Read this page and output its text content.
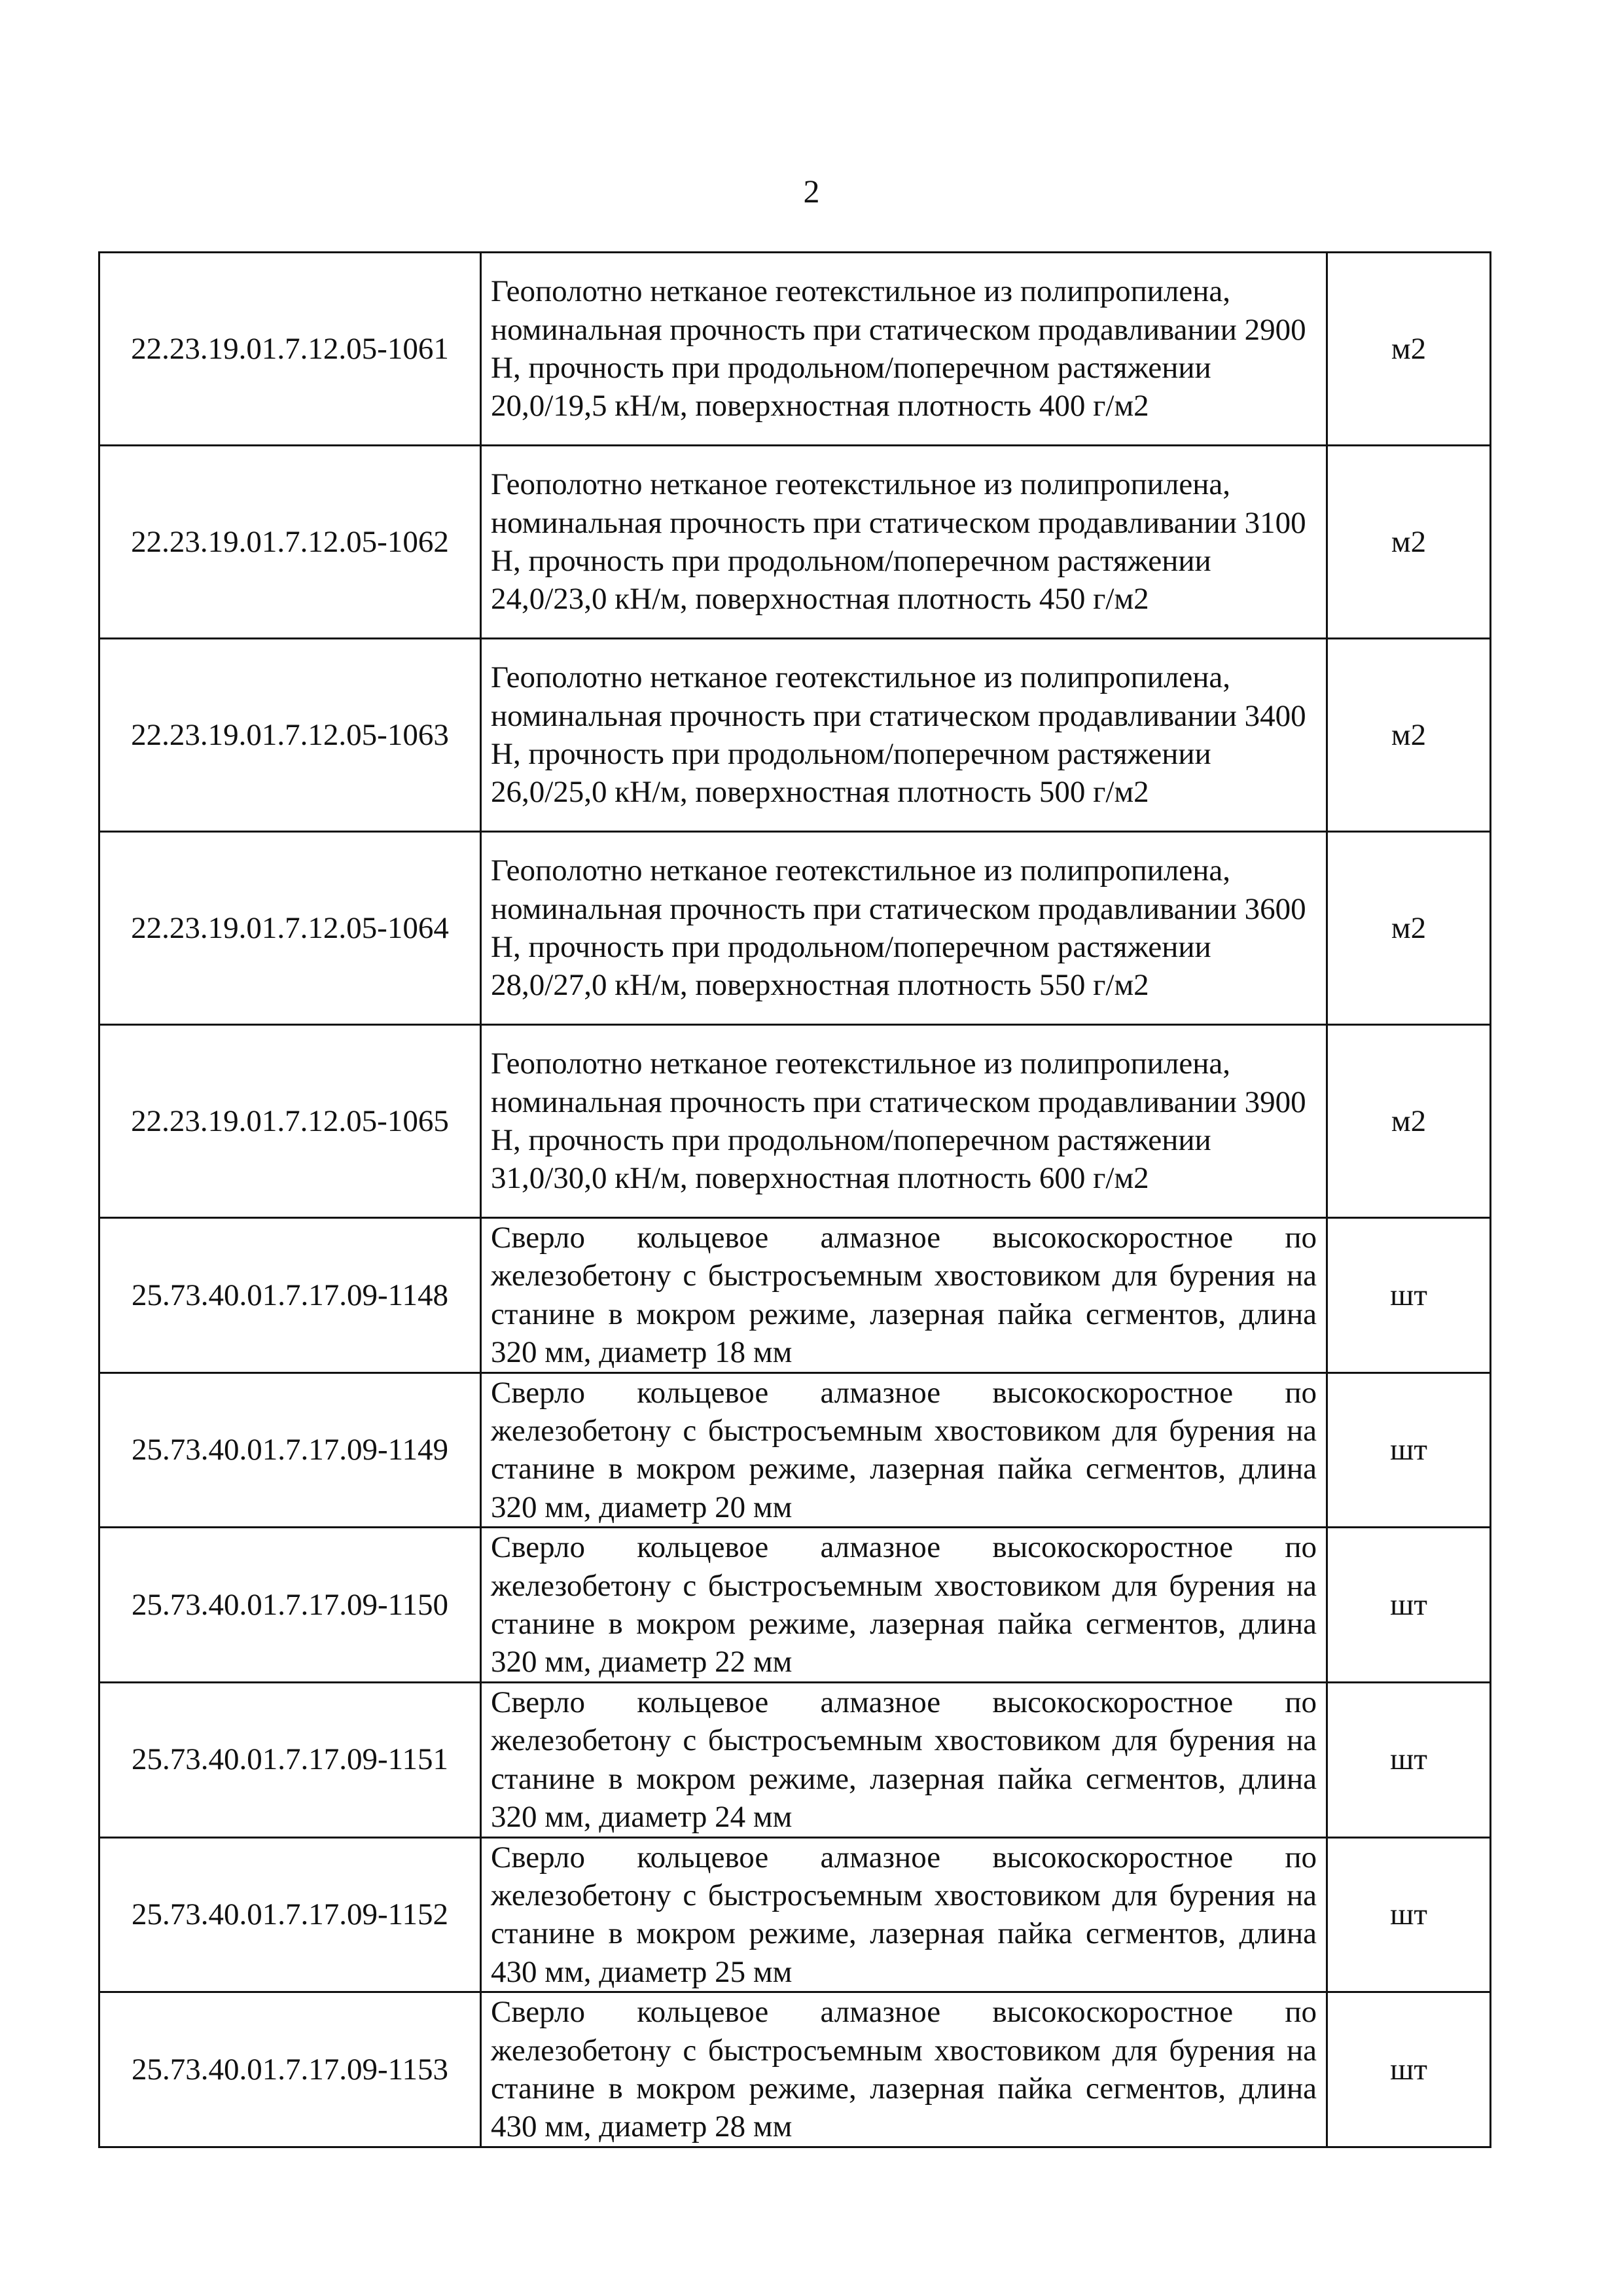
2
22.23.19.01.7.12.05-1061	Геополотно нетканое геотекстильное из полипропилена, номинальная прочность при статическом продавливании 2900 Н, прочность при продольном/поперечном растяжении 20,0/19,5 кН/м, поверхностная плотность 400 г/м2	м2
22.23.19.01.7.12.05-1062	Геополотно нетканое геотекстильное из полипропилена, номинальная прочность при статическом продавливании 3100 Н, прочность при продольном/поперечном растяжении 24,0/23,0 кН/м, поверхностная плотность 450 г/м2	м2
22.23.19.01.7.12.05-1063	Геополотно нетканое геотекстильное из полипропилена, номинальная прочность при статическом продавливании 3400 Н, прочность при продольном/поперечном растяжении 26,0/25,0 кН/м, поверхностная плотность 500 г/м2	м2
22.23.19.01.7.12.05-1064	Геополотно нетканое геотекстильное из полипропилена, номинальная прочность при статическом продавливании 3600 Н, прочность при продольном/поперечном растяжении 28,0/27,0 кН/м, поверхностная плотность 550 г/м2	м2
22.23.19.01.7.12.05-1065	Геополотно нетканое геотекстильное из полипропилена, номинальная прочность при статическом продавливании 3900 Н, прочность при продольном/поперечном растяжении 31,0/30,0 кН/м, поверхностная плотность 600 г/м2	м2
25.73.40.01.7.17.09-1148	Сверло кольцевое алмазное высокоскоростное по железобетону с быстросъемным хвостовиком для бурения на станине в мокром режиме, лазерная пайка сегментов, длина 320 мм, диаметр 18 мм	шт
25.73.40.01.7.17.09-1149	Сверло кольцевое алмазное высокоскоростное по железобетону с быстросъемным хвостовиком для бурения на станине в мокром режиме, лазерная пайка сегментов, длина 320 мм, диаметр 20 мм	шт
25.73.40.01.7.17.09-1150	Сверло кольцевое алмазное высокоскоростное по железобетону с быстросъемным хвостовиком для бурения на станине в мокром режиме, лазерная пайка сегментов, длина 320 мм, диаметр 22 мм	шт
25.73.40.01.7.17.09-1151	Сверло кольцевое алмазное высокоскоростное по железобетону с быстросъемным хвостовиком для бурения на станине в мокром режиме, лазерная пайка сегментов, длина 320 мм, диаметр 24 мм	шт
25.73.40.01.7.17.09-1152	Сверло кольцевое алмазное высокоскоростное по железобетону с быстросъемным хвостовиком для бурения на станине в мокром режиме, лазерная пайка сегментов, длина 430 мм, диаметр 25 мм	шт
25.73.40.01.7.17.09-1153	Сверло кольцевое алмазное высокоскоростное по железобетону с быстросъемным хвостовиком для бурения на станине в мокром режиме, лазерная пайка сегментов, длина 430 мм, диаметр 28 мм	шт
